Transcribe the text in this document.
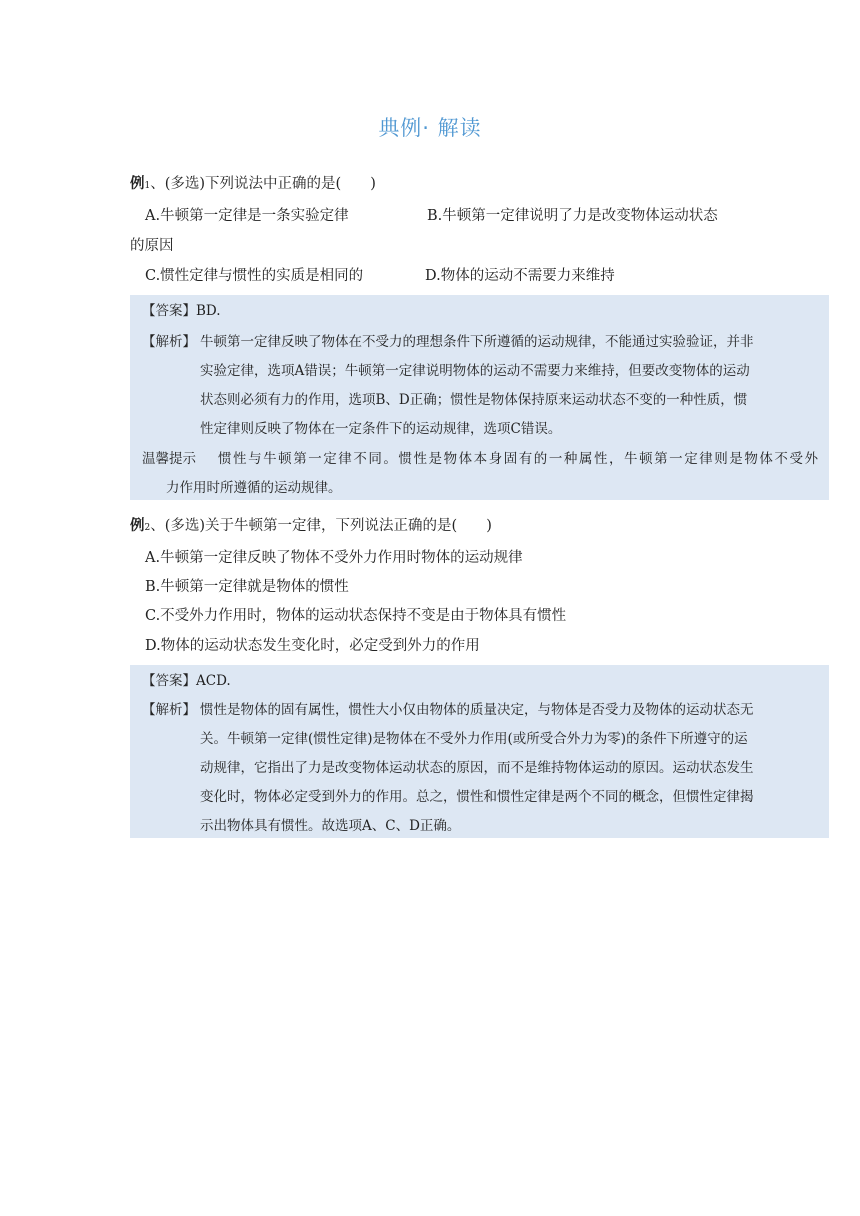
典例· 解读
例1、(多选)下列说法中正确的是(　　)
A.牛顿第一定律是一条实验定律	B.牛顿第一定律说明了力是改变物体运动状态
的原因
C.惯性定律与惯性的实质是相同的	D.物体的运动不需要力来维持
【答案】BD.
【解析】 牛顿第一定律反映了物体在不受力的理想条件下所遵循的运动规律，不能通过实验验证，并非
实验定律，选项A错误；牛顿第一定律说明物体的运动不需要力来维持，但要改变物体的运动
状态则必须有力的作用，选项B、D正确；惯性是物体保持原来运动状态不变的一种性质，惯
性定律则反映了物体在一定条件下的运动规律，选项C错误。
温馨提示 惯性与牛顿第一定律不同。惯性是物体本身固有的一种属性，牛顿第一定律则是物体不受外
力作用时所遵循的运动规律。
例2、(多选)关于牛顿第一定律，下列说法正确的是(　　)
A.牛顿第一定律反映了物体不受外力作用时物体的运动规律
B.牛顿第一定律就是物体的惯性
C.不受外力作用时，物体的运动状态保持不变是由于物体具有惯性
D.物体的运动状态发生变化时，必定受到外力的作用
【答案】ACD.
【解析】 惯性是物体的固有属性，惯性大小仅由物体的质量决定，与物体是否受力及物体的运动状态无
关。牛顿第一定律(惯性定律)是物体在不受外力作用(或所受合外力为零)的条件下所遵守的运
动规律，它指出了力是改变物体运动状态的原因，而不是维持物体运动的原因。运动状态发生
变化时，物体必定受到外力的作用。总之，惯性和惯性定律是两个不同的概念，但惯性定律揭
示出物体具有惯性。故选项A、C、D正确。
